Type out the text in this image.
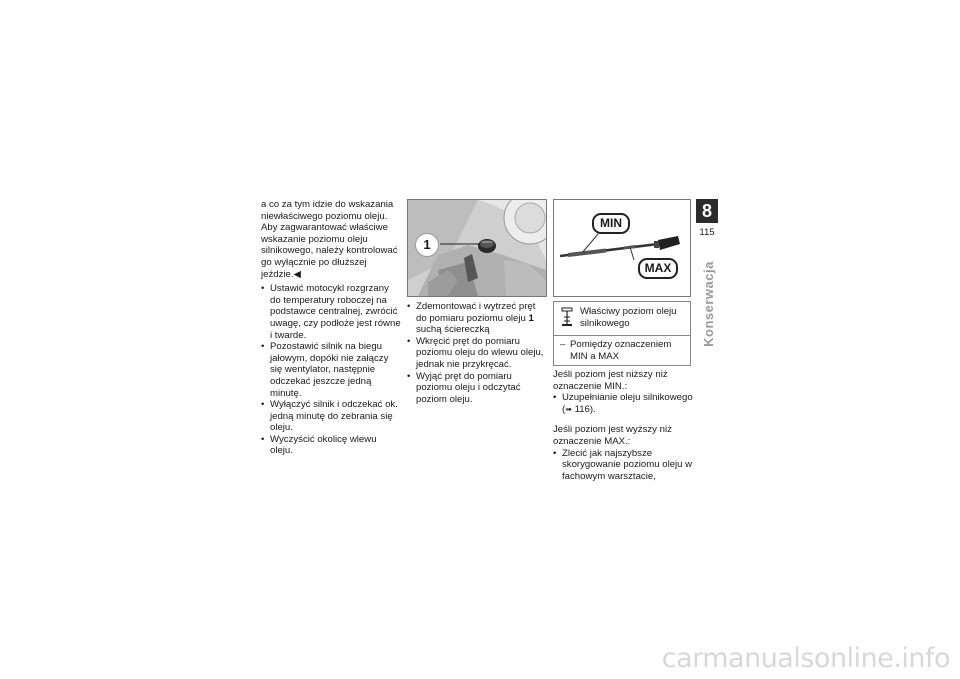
a co za tym idzie do wskazania niewłaściwego poziomu oleju. Aby zagwarantować właściwe wskazanie poziomu oleju silnikowego, należy kontrolować go wyłącznie po dłuższej jeździe.◀

• Ustawić motocykl rozgrzany do temperatury roboczej na podstawce centralnej, zwrócić uwagę, czy podłoże jest równe i twarde.
• Pozostawić silnik na biegu jałowym, dopóki nie załączy się wentylator, następnie odczekać jeszcze jedną minutę.
• Wyłączyć silnik i odczekać ok. jedną minutę do zebrania się oleju.
• Wyczyścić okolicę wlewu oleju.
1
• Zdemontować i wytrzeć pręt do pomiaru poziomu oleju 1 suchą ściereczką
• Wkręcić pręt do pomiaru poziomu oleju do wlewu oleju, jednak nie przykręcać.
• Wyjąć pręt do pomiaru poziomu oleju i odczytać poziom oleju.
MIN
MAX
Właściwy poziom oleju silnikowego
– Pomiędzy oznaczeniem MIN a MAX

Jeśli poziom jest niższy niż oznaczenie MIN.:

• Uzupełnianie oleju silnikowego
(➠ 116).

Jeśli poziom jest wyższy niż oznaczenie MAX.:

• Zlecić jak najszybsze skorygowanie poziomu oleju w fachowym warsztacie,
8
115
Konserwacja
carmanualsonline.info
